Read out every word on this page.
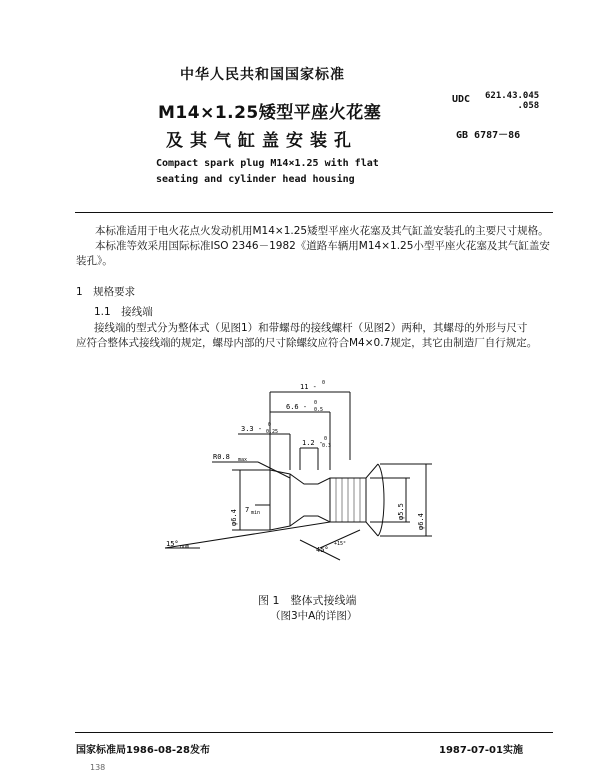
中华人民共和国国家标准
UDC 621.43.045
.058
M14×1.25矮型平座火花塞
GB 6787－86
及其气缸盖安装孔
Compact spark plug M14×1.25 with flat
seating and cylinder head housing
本标准适用于电火花点火发动机用M14×1.25矮型平座火花塞及其气缸盖安装孔的主要尺寸规格。
本标准等效采用国际标准ISO 2346－1982《道路车辆用M14×1.25小型平座火花塞及其气缸盖安
装孔》。
1　规格要求
1.1　接线端
接线端的型式分为整体式（见图1）和带螺母的接线螺杆（见图2）两种，其螺母的外形与尺寸
应符合整体式接线端的规定，螺母内部的尺寸除螺纹应符合M4×0.7规定，其它由制造厂自行规定。
11 - 0
6.6 - 0
0.5
3.3 - 0
0.25
1.2 - 0
0.3
R0.8 max
7 min
φ6.4	φ5.5
φ6.4
15° nom	45°
+15°
图 1　整体式接线端
（图3中A的详图）
国家标准局1986-08-28发布	1987-07-01实施
138
